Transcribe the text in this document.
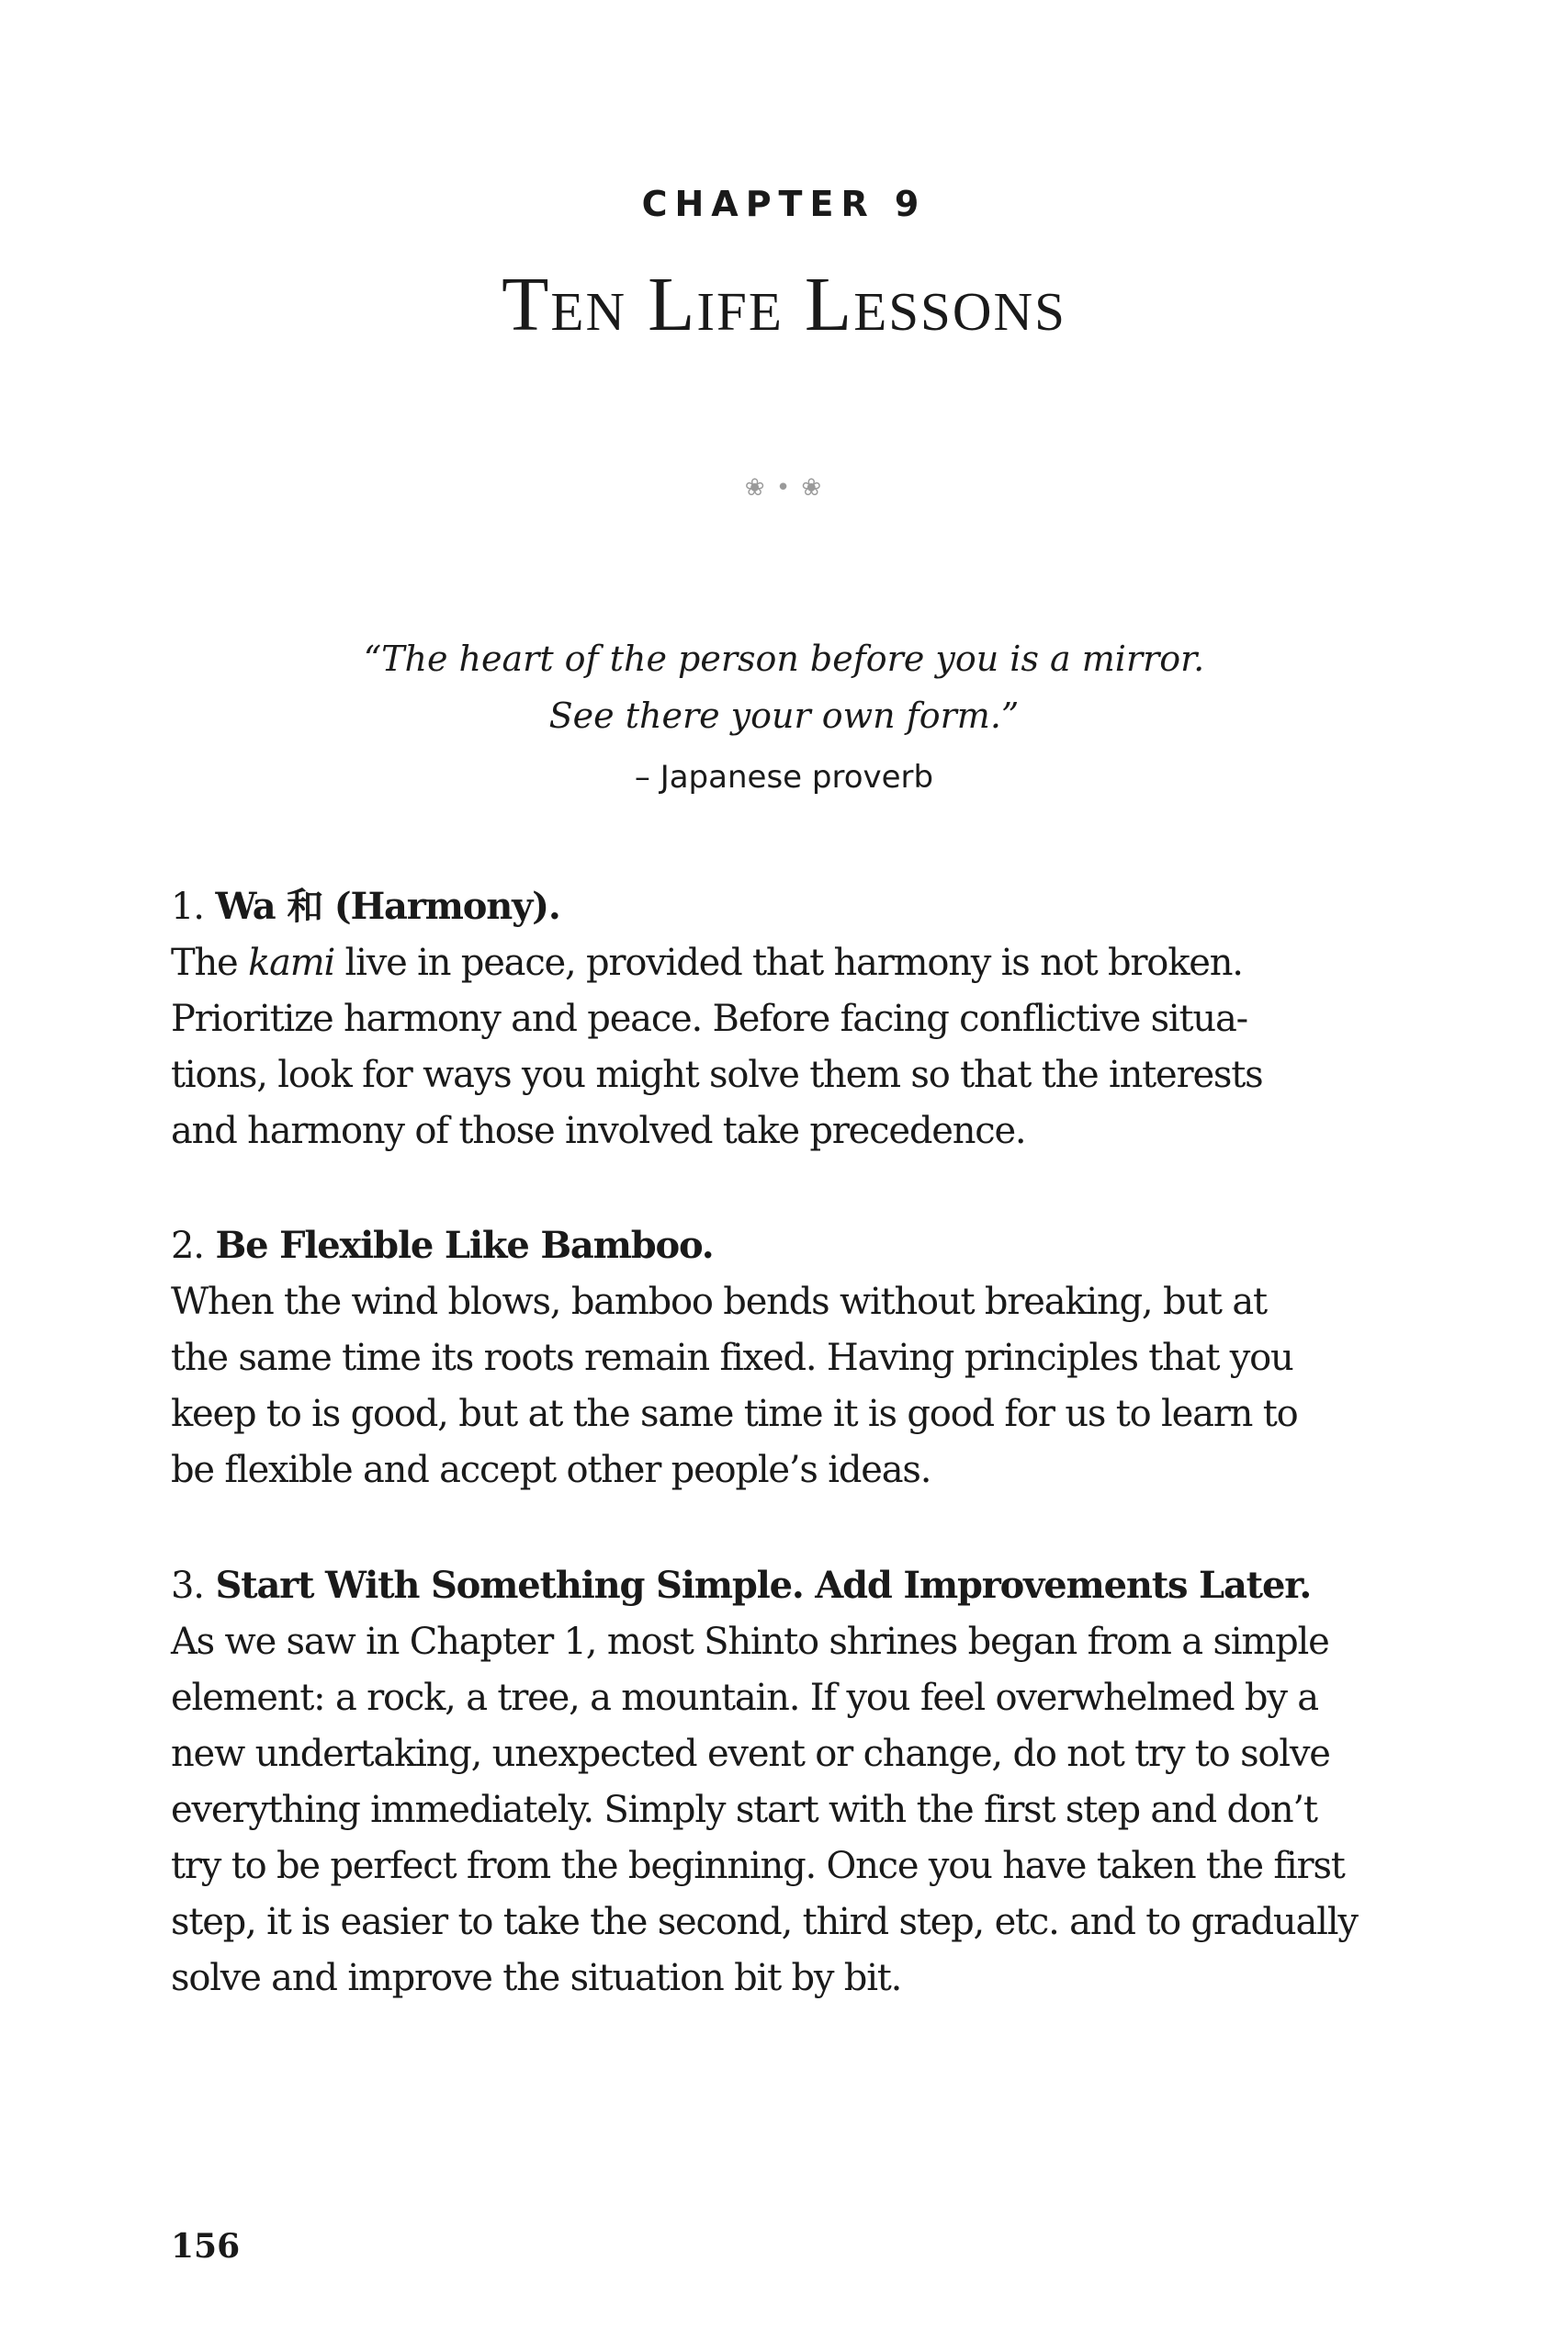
CHAPTER 9
Ten Life Lessons
❀ • ❀
“The heart of the person before you is a mirror.
See there your own form.”
– Japanese proverb
1. Wa 和 (Harmony).
The kami live in peace, provided that harmony is not broken.
Prioritize harmony and peace. Before facing conflictive situa-
tions, look for ways you might solve them so that the interests
and harmony of those involved take precedence.
2. Be Flexible Like Bamboo.
When the wind blows, bamboo bends without breaking, but at
the same time its roots remain fixed. Having principles that you
keep to is good, but at the same time it is good for us to learn to
be flexible and accept other people’s ideas.
3. Start With Something Simple. Add Improvements Later.
As we saw in Chapter 1, most Shinto shrines began from a simple
element: a rock, a tree, a mountain. If you feel overwhelmed by a
new undertaking, unexpected event or change, do not try to solve
everything immediately. Simply start with the first step and don’t
try to be perfect from the beginning. Once you have taken the first
step, it is easier to take the second, third step, etc. and to gradually
solve and improve the situation bit by bit.
156
